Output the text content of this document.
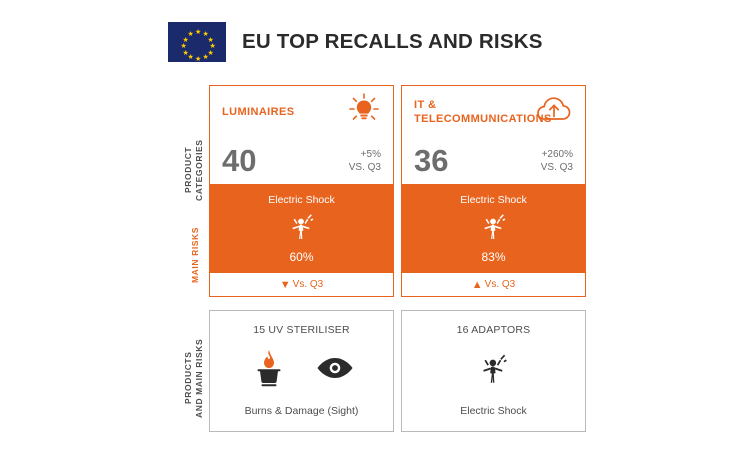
★ ★
★
★
★
★
★
★
★
★
★
★ EU TOP RECALLS AND RISKS
PRODUCT
CATEGORIES
MAIN RISKS
PRODUCTS
AND MAIN RISKS
LUMINAIRES
40	+5%
VS. Q3
Electric Shock
60%
▼ Vs. Q3
15 UV STERILISER
Burns & Damage (Sight)
IT &
TELECOMMUNICATIONS
36	+260%
VS. Q3
Electric Shock
83%
▲ Vs. Q3
16 ADAPTORS
Electric Shock
